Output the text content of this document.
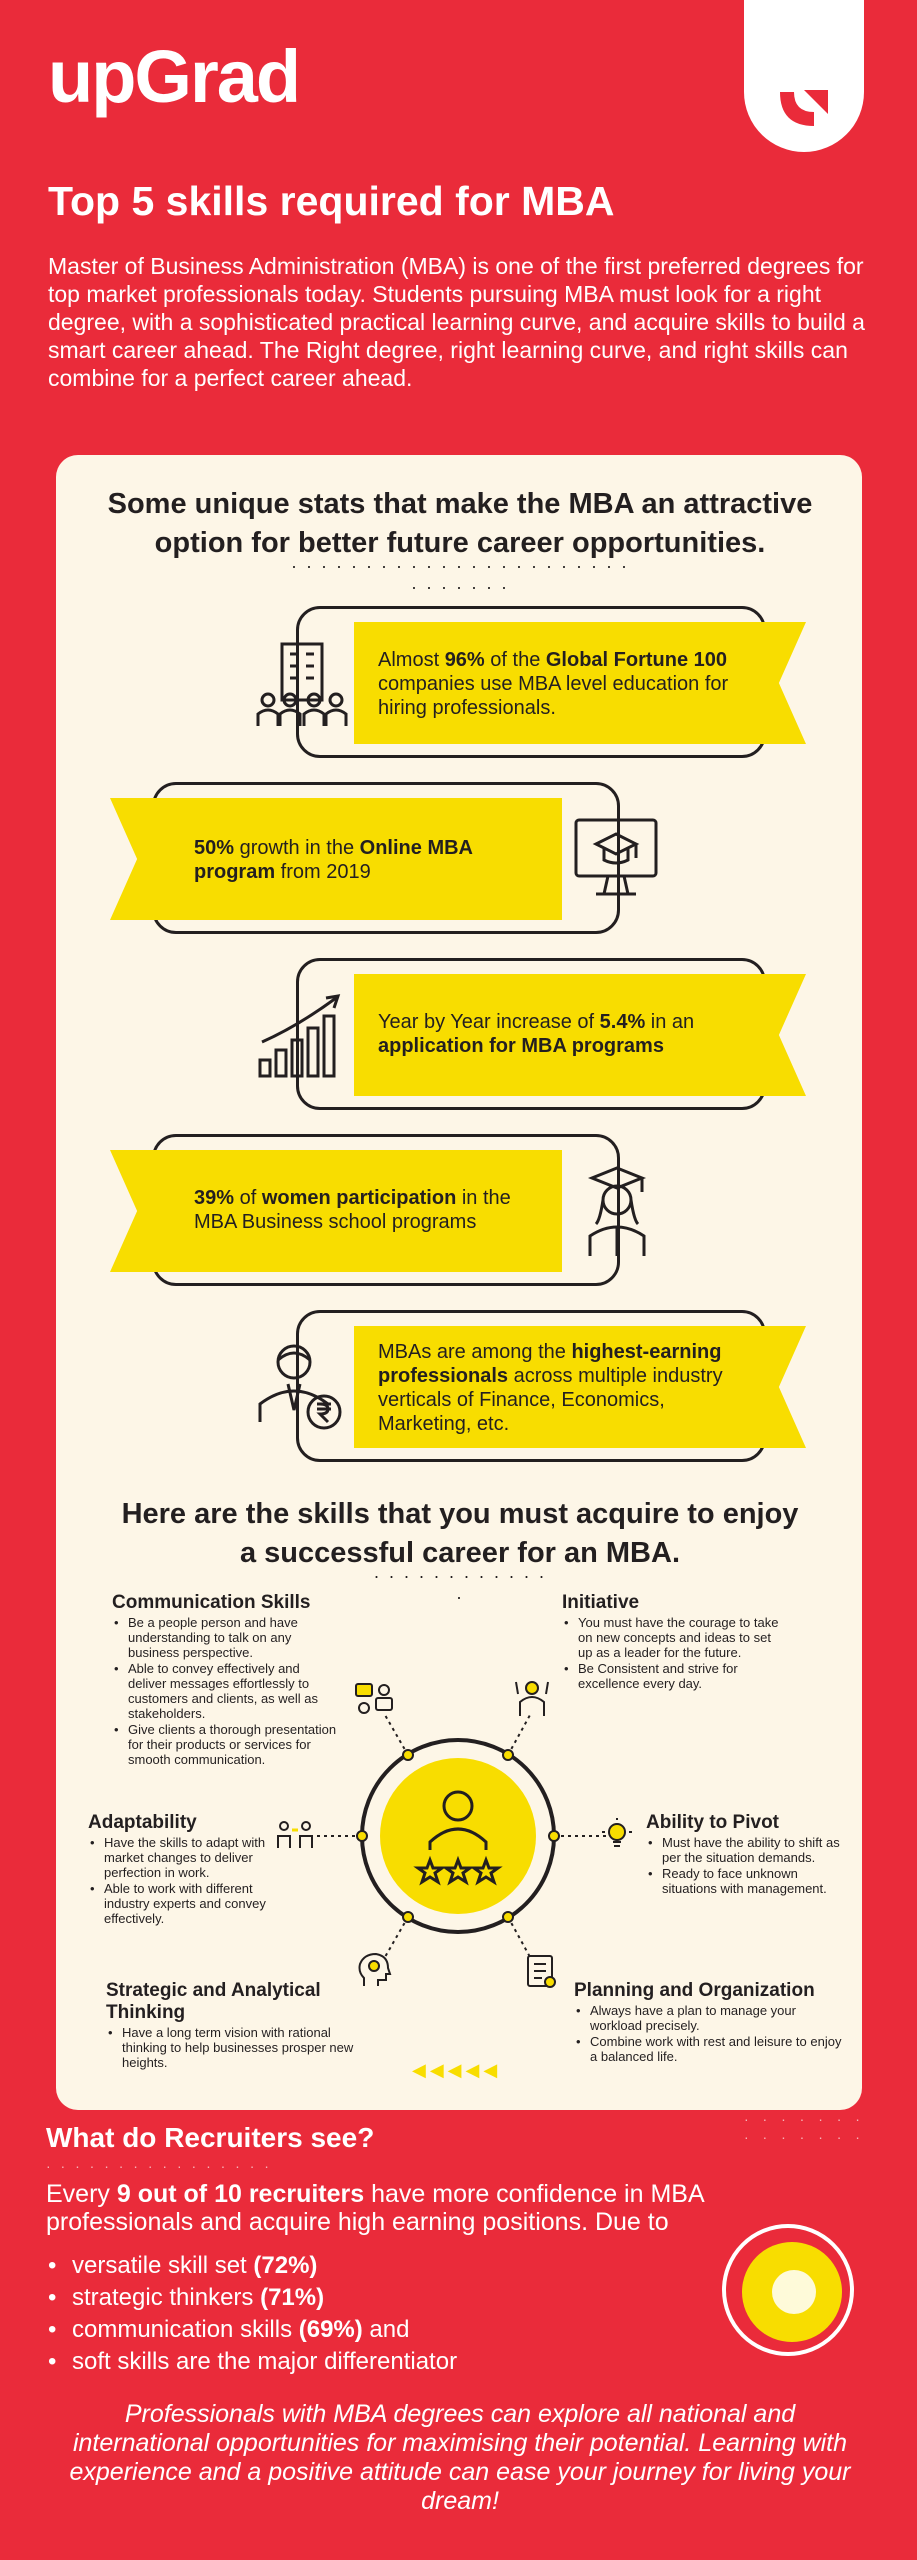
upGrad
Top 5 skills required for MBA
Master of Business Administration (MBA) is one of the first preferred degrees for top market professionals today. Students pursuing MBA must look for a right degree, with a sophisticated practical learning curve, and acquire skills to build a smart career ahead. The Right degree, right learning curve, and right skills can combine for a perfect career ahead.
Some unique stats that make the MBA an attractive option for better future career opportunities.
· · · · · · · · · · · · · · · · · · · · · · · · · · · · · ·
Almost 96% of the Global Fortune 100 companies use MBA level education for hiring professionals.
50% growth in the Online MBA program from 2019
Year by Year increase of 5.4% in an application for MBA programs
39% of women participation in the MBA Business school programs
MBAs are among the highest-earning professionals across multiple industry verticals of Finance, Economics, Marketing, etc.
Here are the skills that you must acquire to enjoy a successful career for an MBA.
· · · · · · · · · · · · ·
Communication Skills
• Be a people person and have understanding to talk on any business perspective.
• Able to convey effectively and deliver messages effortlessly to customers and clients, as well as stakeholders.
• Give clients a thorough presentation for their products or services for smooth communication.
Initiative
• You must have the courage to take on new concepts and ideas to set up as a leader for the future.
• Be Consistent and strive for excellence every day.
Adaptability
• Have the skills to adapt with market changes to deliver perfection in work.
• Able to work with different industry experts and convey effectively.
Ability to Pivot
• Must have the ability to shift as per the situation demands.
• Ready to face unknown situations with management.
Strategic and Analytical Thinking
• Have a long term vision with rational thinking to help businesses prosper new heights.
Planning and Organization
• Always have a plan to manage your workload precisely.
• Combine work with rest and leisure to enjoy a balanced life.
◀◀◀◀◀
What do Recruiters see?
· · · · · · · · · · · · · · · ·
· · · · · · ·
· · · · · · ·
Every 9 out of 10 recruiters have more confidence in MBA professionals and acquire high earning positions. Due to
• versatile skill set (72%)
• strategic thinkers (71%)
• communication skills (69%) and
• soft skills are the major differentiator
Professionals with MBA degrees can explore all national and international opportunities for maximising their potential. Learning with experience and a positive attitude can ease your journey for living your dream!
